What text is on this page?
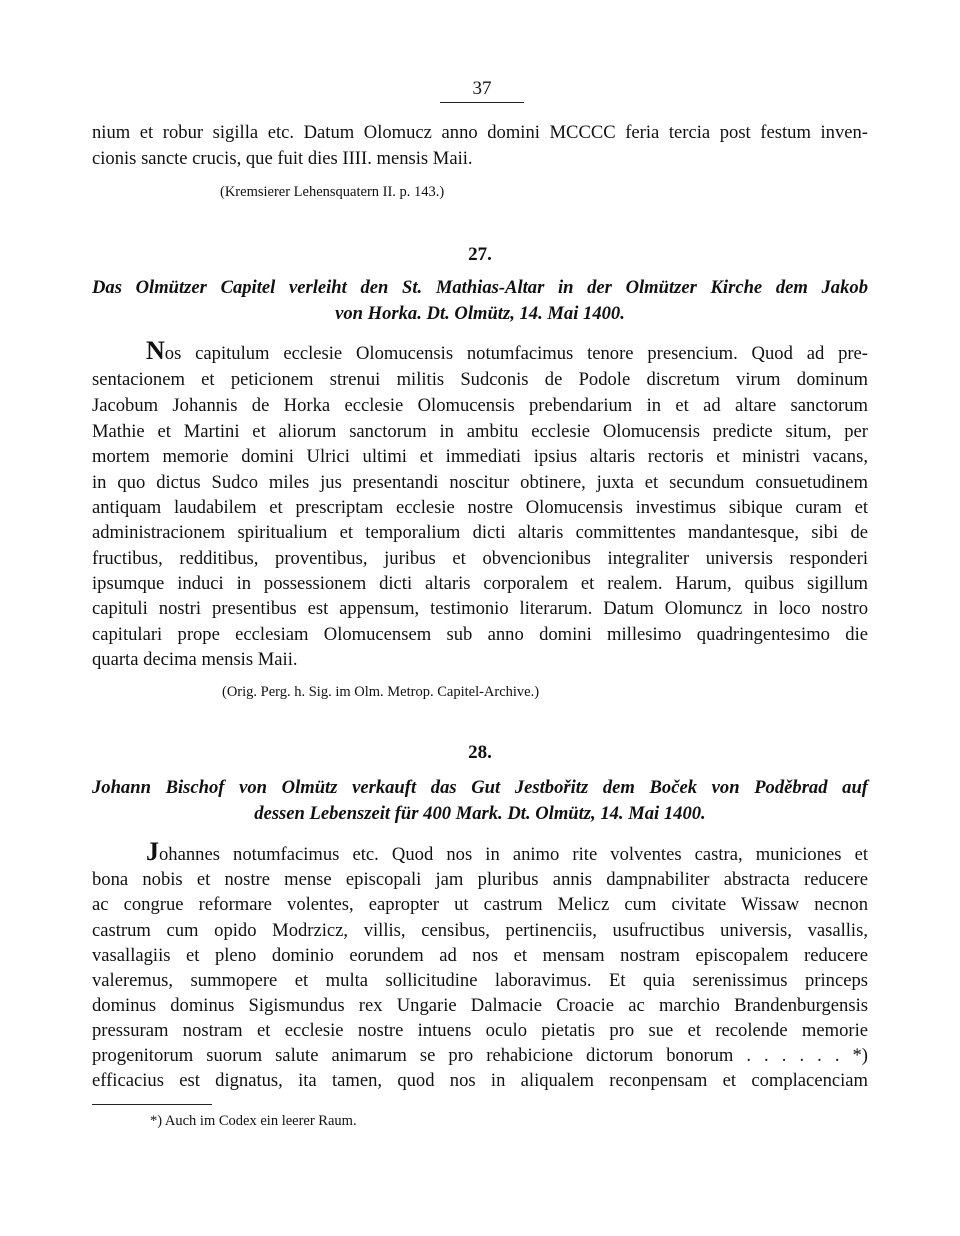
37
nium et robur sigilla etc. Datum Olomucz anno domini MCCCC feria tercia post festum inven-
cionis sancte crucis, que fuit dies IIII. mensis Maii.
(Kremsierer Lehensquatern II. p. 143.)
27.
Das Olmützer Capitel verleiht den St. Mathias-Altar in der Olmützer Kirche dem Jakob
von Horka. Dt. Olmütz, 14. Mai 1400.
Nos capitulum ecclesie Olomucensis notumfacimus tenore presencium. Quod ad pre-
sentacionem et peticionem strenui militis Sudconis de Podole discretum virum dominum
Jacobum Johannis de Horka ecclesie Olomucensis prebendarium in et ad altare sanctorum
Mathie et Martini et aliorum sanctorum in ambitu ecclesie Olomucensis predicte situm, per
mortem memorie domini Ulrici ultimi et immediati ipsius altaris rectoris et ministri vacans,
in quo dictus Sudco miles jus presentandi noscitur obtinere, juxta et secundum consuetudinem
antiquam laudabilem et prescriptam ecclesie nostre Olomucensis investimus sibique curam et
administracionem spiritualium et temporalium dicti altaris committentes mandantesque, sibi de
fructibus, redditibus, proventibus, juribus et obvencionibus integraliter universis responderi
ipsumque induci in possessionem dicti altaris corporalem et realem. Harum, quibus sigillum
capituli nostri presentibus est appensum, testimonio literarum. Datum Olomuncz in loco nostro
capitulari prope ecclesiam Olomucensem sub anno domini millesimo quadringentesimo die
quarta decima mensis Maii.
(Orig. Perg. h. Sig. im Olm. Metrop. Capitel-Archive.)
28.
Johann Bischof von Olmütz verkauft das Gut Jestbořitz dem Boček von Poděbrad auf
dessen Lebenszeit für 400 Mark. Dt. Olmütz, 14. Mai 1400.
Johannes notumfacimus etc. Quod nos in animo rite volventes castra, municiones et
bona nobis et nostre mense episcopali jam pluribus annis dampnabiliter abstracta reducere
ac congrue reformare volentes, eapropter ut castrum Melicz cum civitate Wissaw necnon
castrum cum opido Modrzicz, villis, censibus, pertinenciis, usufructibus universis, vasallis,
vasallagiis et pleno dominio eorundem ad nos et mensam nostram episcopalem reducere
valeremus, summopere et multa sollicitudine laboravimus. Et quia serenissimus princeps
dominus dominus Sigismundus rex Ungarie Dalmacie Croacie ac marchio Brandenburgensis
pressuram nostram et ecclesie nostre intuens oculo pietatis pro sue et recolende memorie
progenitorum suorum salute animarum se pro rehabicione dictorum bonorum . . . . . . *)
efficacius est dignatus, ita tamen, quod nos in aliqualem reconpensam et complacenciam
*) Auch im Codex ein leerer Raum.
